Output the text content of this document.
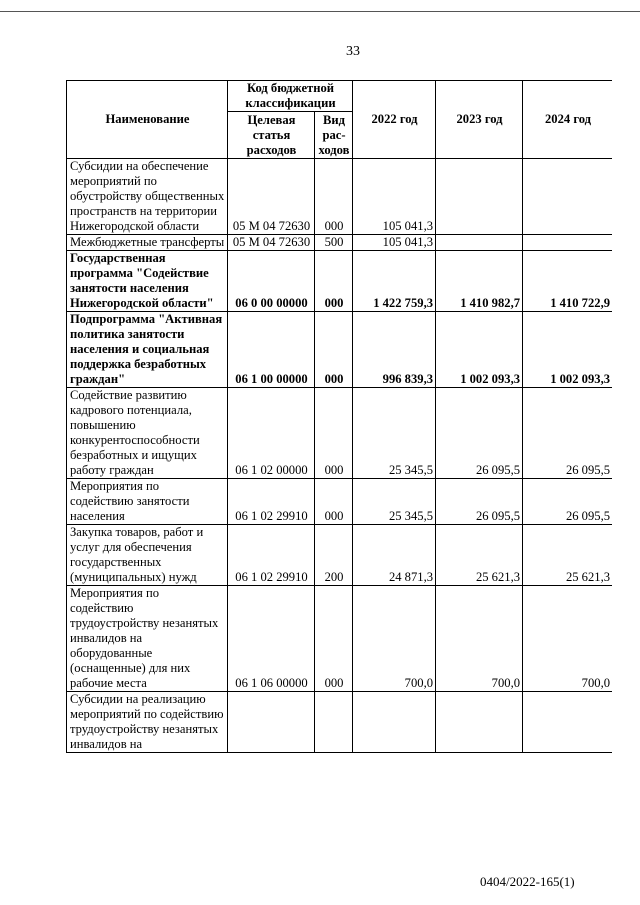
33
Наименование	Код бюджетной классификации		2022 год	2023 год	2024 год
	Целевая статья расходов	Вид рас-ходов			
Субсидии на обеспечение мероприятий по обустройству общественных пространств на территории Нижегородской области	05 М 04 72630	000	105 041,3		
Межбюджетные трансферты	05 М 04 72630	500	105 041,3		
Государственная программа "Содействие занятости населения Нижегородской области"	06 0 00 00000	000	1 422 759,3	1 410 982,7	1 410 722,9
Подпрограмма "Активная политика занятости населения и социальная поддержка безработных граждан"	06 1 00 00000	000	996 839,3	1 002 093,3	1 002 093,3
Содействие развитию кадрового потенциала, повышению конкурентоспособности безработных и ищущих работу граждан	06 1 02 00000	000	25 345,5	26 095,5	26 095,5
Мероприятия по содействию занятости населения	06 1 02 29910	000	25 345,5	26 095,5	26 095,5
Закупка товаров, работ и услуг для обеспечения государственных (муниципальных) нужд	06 1 02 29910	200	24 871,3	25 621,3	25 621,3
Мероприятия по содействию трудоустройству незанятых инвалидов на оборудованные (оснащенные) для них рабочие места	06 1 06 00000	000	700,0	700,0	700,0
Субсидии на реализацию мероприятий по содействию трудоустройству незанятых инвалидов на					
0404/2022-165(1)
